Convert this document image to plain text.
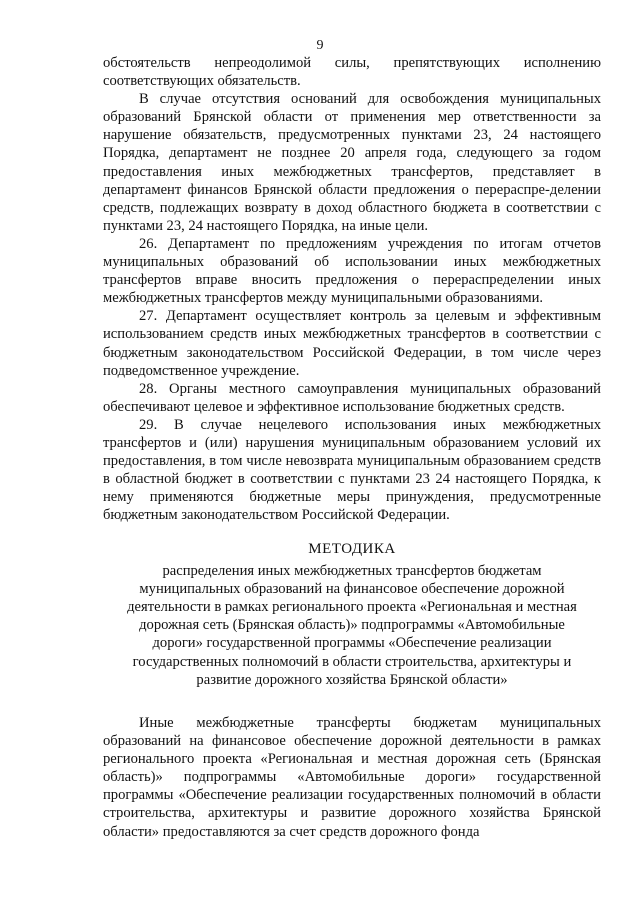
9

обстоятельств непреодолимой силы, препятствующих исполнению соответствующих обязательств.

В случае отсутствия оснований для освобождения муниципальных образований Брянской области от применения мер ответственности за нарушение обязательств, предусмотренных пунктами 23, 24 настоящего Порядка, департамент не позднее 20 апреля года, следующего за годом предоставления иных межбюджетных трансфертов, представляет в департамент финансов Брянской области предложения о перераспре-делении средств, подлежащих возврату в доход областного бюджета в соответствии с пунктами 23, 24 настоящего Порядка, на иные цели.

26. Департамент по предложениям учреждения по итогам отчетов муниципальных образований об использовании иных межбюджетных трансфертов вправе вносить предложения о перераспределении иных межбюджетных трансфертов между муниципальными образованиями.

27. Департамент осуществляет контроль за целевым и эффективным использованием средств иных межбюджетных трансфертов в соответствии с бюджетным законодательством Российской Федерации, в том числе через подведомственное учреждение.

28. Органы местного самоуправления муниципальных образований обеспечивают целевое и эффективное использование бюджетных средств.

29. В случае нецелевого использования иных межбюджетных трансфертов и (или) нарушения муниципальным образованием условий их предоставления, в том числе невозврата муниципальным образованием средств в областной бюджет в соответствии с пунктами 23 24 настоящего Порядка, к нему применяются бюджетные меры принуждения, предусмотренные бюджетным законодательством Российской Федерации.

МЕТОДИКА
распределения иных межбюджетных трансфертов бюджетам муниципальных образований на финансовое обеспечение дорожной деятельности в рамках регионального проекта «Региональная и местная дорожная сеть (Брянская область)» подпрограммы «Автомобильные дороги» государственной программы «Обеспечение реализации государственных полномочий в области строительства, архитектуры и развитие дорожного хозяйства Брянской области»

Иные межбюджетные трансферты бюджетам муниципальных образований на финансовое обеспечение дорожной деятельности в рамках регионального проекта «Региональная и местная дорожная сеть (Брянская область)» подпрограммы «Автомобильные дороги» государственной программы «Обеспечение реализации государственных полномочий в области строительства, архитектуры и развитие дорожного хозяйства Брянской области» предоставляются за счет средств дорожного фонда
